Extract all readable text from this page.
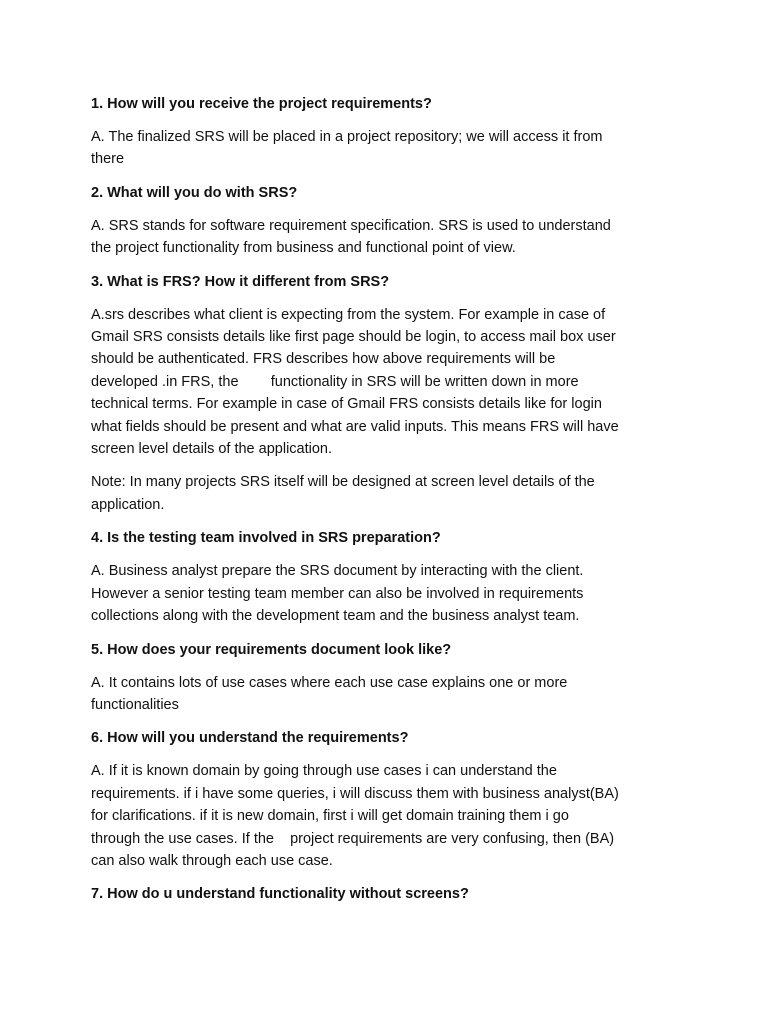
1. How will you receive the project requirements?

A. The finalized SRS will be placed in a project repository; we will access it from
there

2. What will you do with SRS?

A. SRS stands for software requirement specification. SRS is used to understand
the project functionality from business and functional point of view.

3. What is FRS? How it different from SRS?

A.srs describes what client is expecting from the system. For example in case of
Gmail SRS consists details like first page should be login, to access mail box user
should be authenticated. FRS describes how above requirements will be
developed .in FRS, the        functionality in SRS will be written down in more
technical terms. For example in case of Gmail FRS consists details like for login
what fields should be present and what are valid inputs. This means FRS will have
screen level details of the application.

Note: In many projects SRS itself will be designed at screen level details of the
application.

4. Is the testing team involved in SRS preparation?

A. Business analyst prepare the SRS document by interacting with the client.
However a senior testing team member can also be involved in requirements
collections along with the development team and the business analyst team.

5. How does your requirements document look like?

A. It contains lots of use cases where each use case explains one or more
functionalities

6. How will you understand the requirements?

A. If it is known domain by going through use cases i can understand the
requirements. if i have some queries, i will discuss them with business analyst(BA)
for clarifications. if it is new domain, first i will get domain training them i go
through the use cases. If the    project requirements are very confusing, then (BA)
can also walk through each use case.

7. How do u understand functionality without screens?
